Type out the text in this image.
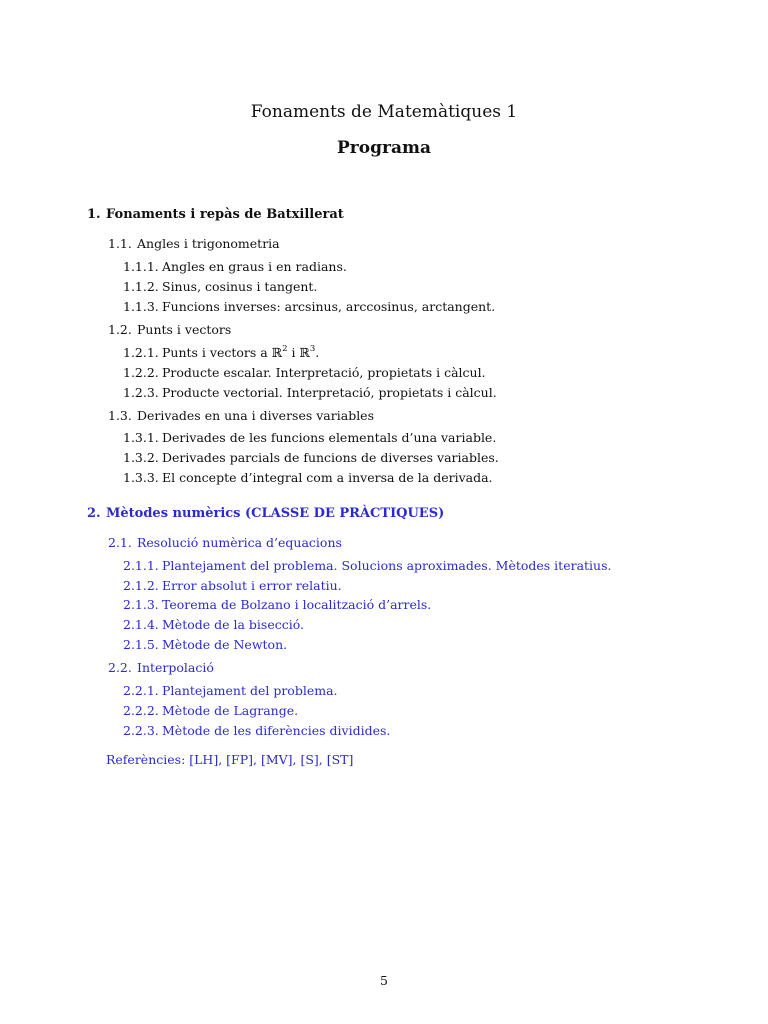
Fonaments de Matemàtiques 1
Programa
1. Fonaments i repàs de Batxillerat
1.1. Angles i trigonometria
1.1.1. Angles en graus i en radians.
1.1.2. Sinus, cosinus i tangent.
1.1.3. Funcions inverses: arcsinus, arccosinus, arctangent.
1.2. Punts i vectors
1.2.1. Punts i vectors a ℝ$^2$ i ℝ$^3$.
1.2.2. Producte escalar. Interpretació, propietats i càlcul.
1.2.3. Producte vectorial. Interpretació, propietats i càlcul.
1.3. Derivades en una i diverses variables
1.3.1. Derivades de les funcions elementals d’una variable.
1.3.2. Derivades parcials de funcions de diverses variables.
1.3.3. El concepte d’integral com a inversa de la derivada.
2. Mètodes numèrics (CLASSE DE PRÀCTIQUES)
2.1. Resolució numèrica d’equacions
2.1.1. Plantejament del problema. Solucions aproximades. Mètodes iteratius.
2.1.2. Error absolut i error relatiu.
2.1.3. Teorema de Bolzano i localització d’arrels.
2.1.4. Mètode de la bisecció.
2.1.5. Mètode de Newton.
2.2. Interpolació
2.2.1. Plantejament del problema.
2.2.2. Mètode de Lagrange.
2.2.3. Mètode de les diferències dividides.
Referències: [LH], [FP], [MV], [S], [ST]
5
